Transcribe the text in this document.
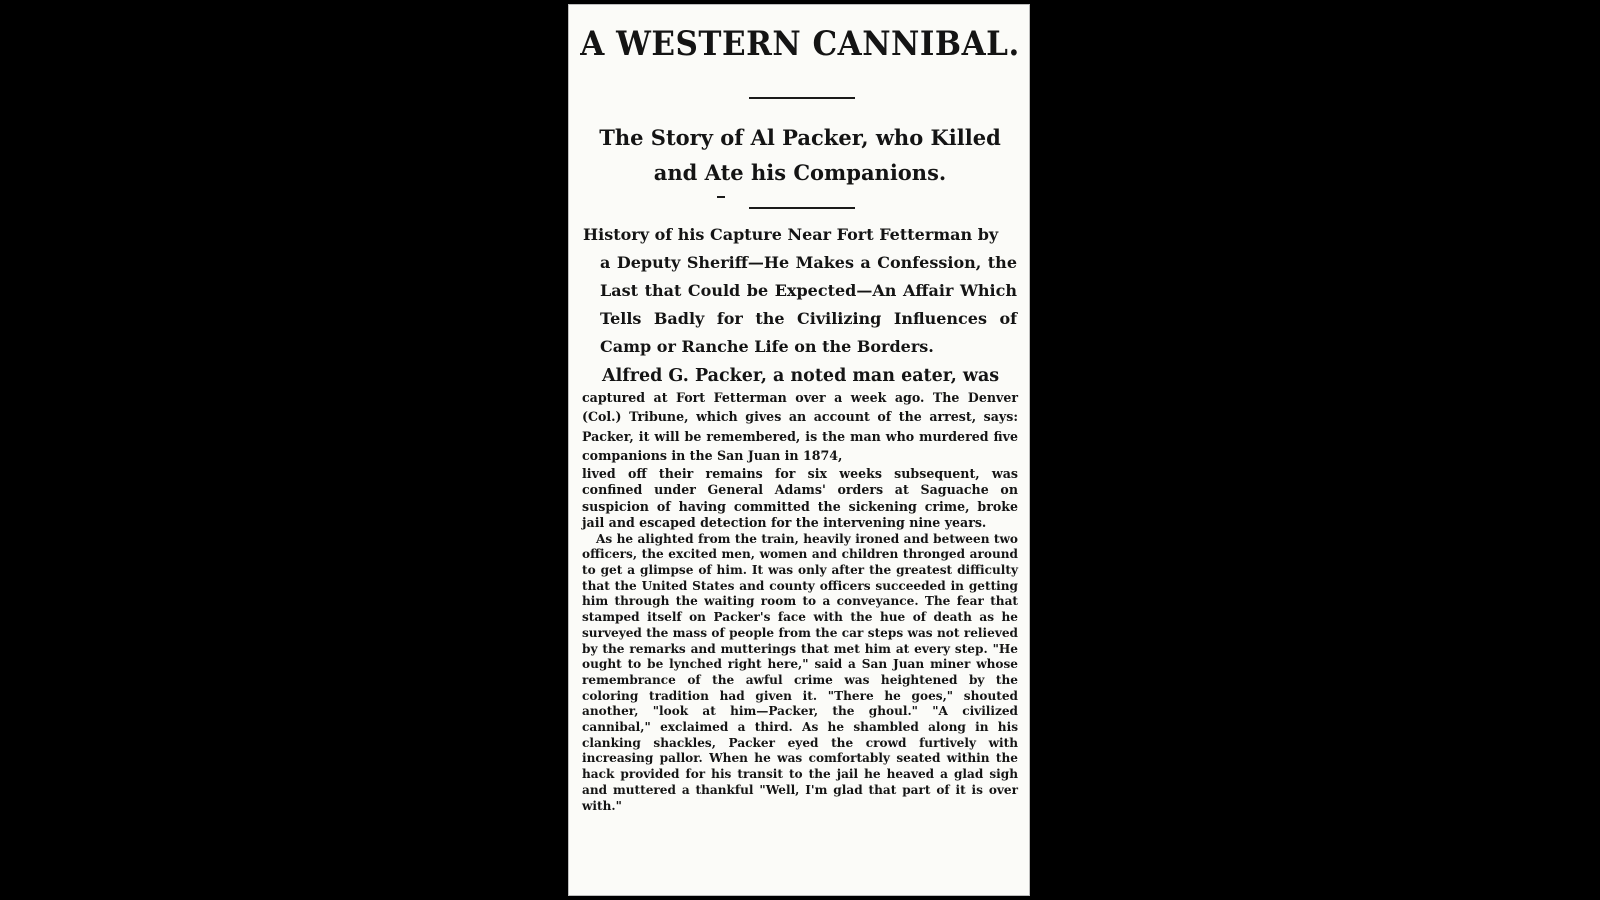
A WESTERN CANNIBAL.
The Story of Al Packer, who Killed and Ate his Companions.
History of his Capture Near Fort Fetterman by
a Deputy Sheriff—He Makes a Confession, the Last that Could be Expected—An Affair Which Tells Badly for the Civilizing Influences of Camp or Ranche Life on the Borders.
Alfred G. Packer, a noted man eater, was

captured at Fort Fetterman over a week ago. The Denver (Col.) Tribune, which gives an account of the arrest, says: Packer, it will be remembered, is the man who murdered five companions in the San Juan in 1874,
lived off their remains for six weeks subsequent, was confined under General Adams' orders at Saguache on suspicion of having committed the sickening crime, broke jail and escaped detection for the intervening nine years.

As he alighted from the train, heavily ironed and between two officers, the excited men, women and children thronged around to get a glimpse of him. It was only after the greatest difficulty that the United States and county officers succeeded in getting him through the waiting room to a conveyance. The fear that stamped itself on Packer's face with the hue of death as he surveyed the mass of people from the car steps was not relieved by the remarks and mutterings that met him at every step. "He ought to be lynched right here," said a San Juan miner whose remembrance of the awful crime was heightened by the coloring tradition had given it. "There he goes," shouted another, "look at him—Packer, the ghoul." "A civilized cannibal," exclaimed a third. As he shambled along in his clanking shackles, Packer eyed the crowd furtively with increasing pallor. When he was comfortably seated within the hack provided for his transit to the jail he heaved a glad sigh and muttered a thankful "Well, I'm glad that part of it is over with."
